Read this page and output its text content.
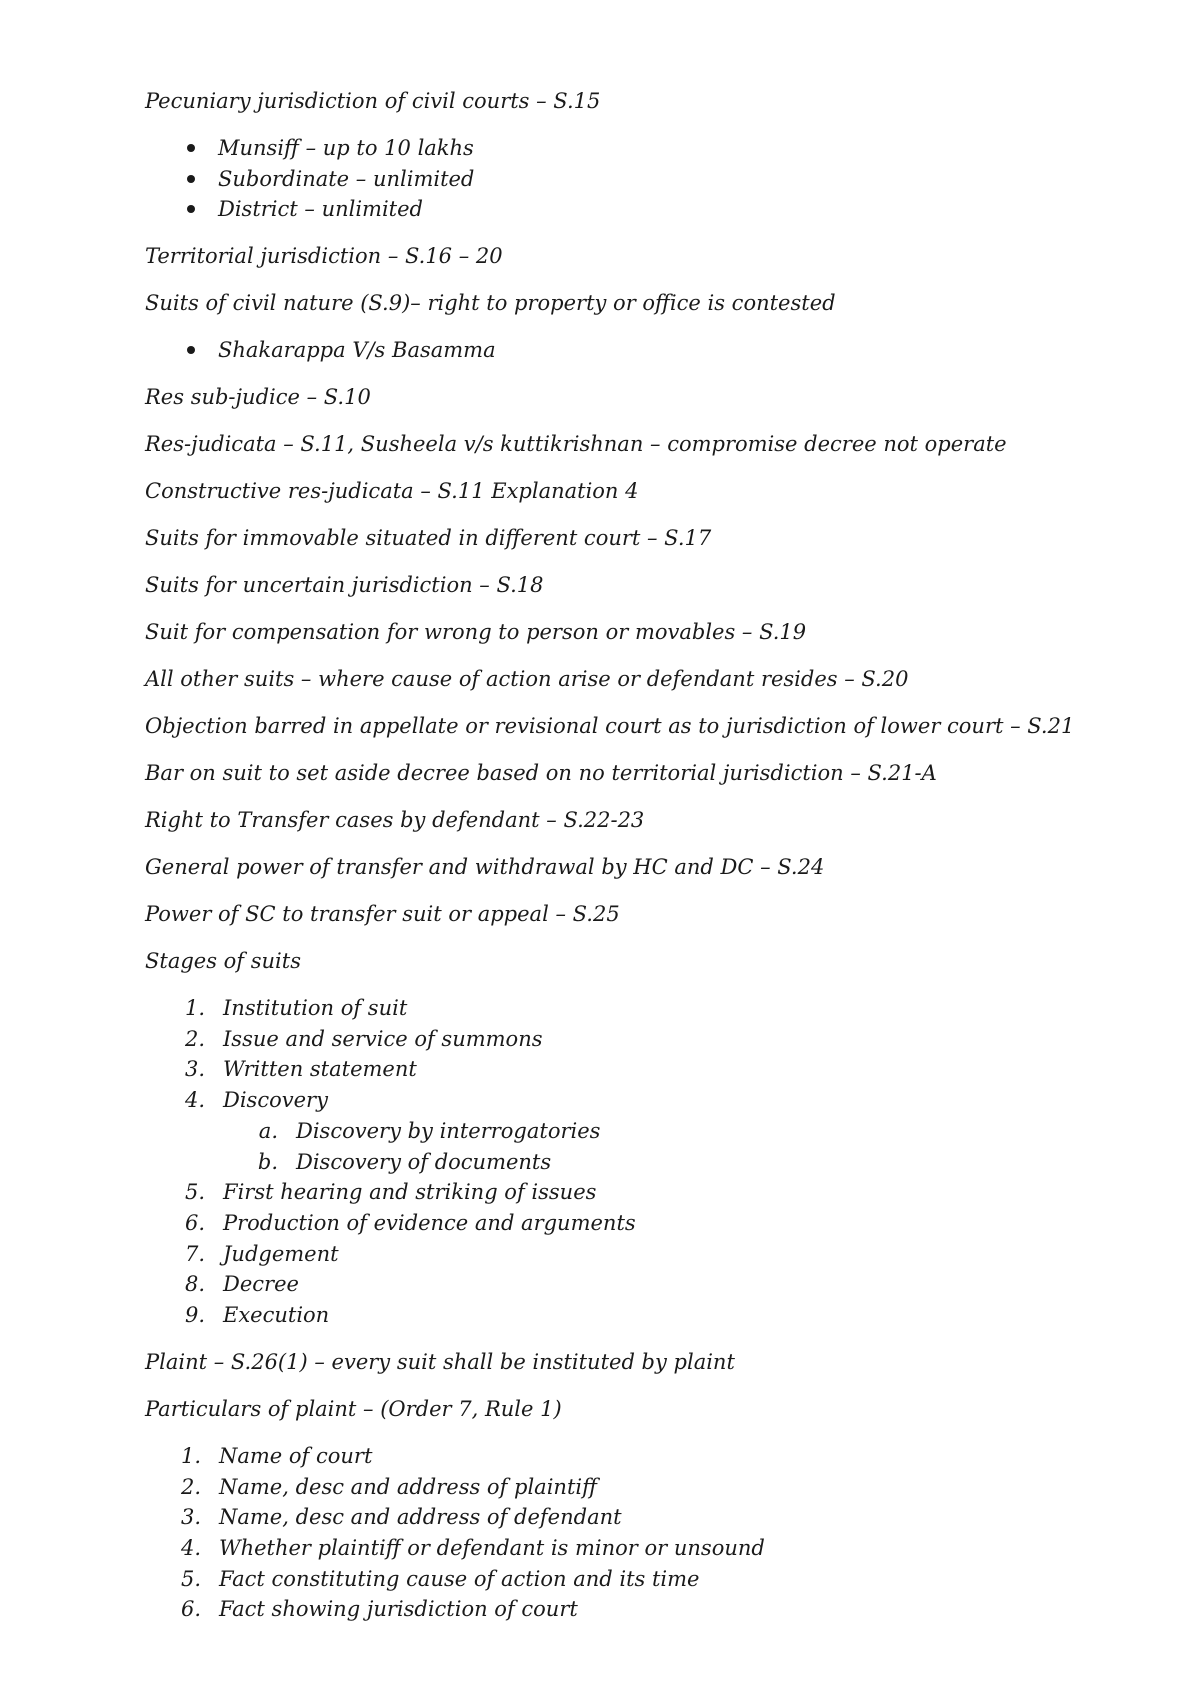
Pecuniary jurisdiction of civil courts – S.15
Munsiff – up to 10 lakhs
Subordinate – unlimited
District – unlimited
Territorial jurisdiction – S.16 – 20
Suits of civil nature (S.9)– right to property or office is contested
Shakarappa V/s Basamma
Res sub-judice – S.10
Res-judicata – S.11, Susheela v/s kuttikrishnan – compromise decree not operate
Constructive res-judicata – S.11 Explanation 4
Suits for immovable situated in different court – S.17
Suits for uncertain jurisdiction – S.18
Suit for compensation for wrong to person or movables – S.19
All other suits – where cause of action arise or defendant resides – S.20
Objection barred in appellate or revisional court as to jurisdiction of lower court – S.21
Bar on suit to set aside decree based on no territorial jurisdiction – S.21-A
Right to Transfer cases by defendant – S.22-23
General power of transfer and withdrawal by HC and DC – S.24
Power of SC to transfer suit or appeal – S.25
Stages of suits
1. Institution of suit
2. Issue and service of summons
3. Written statement
4. Discovery
a. Discovery by interrogatories
b. Discovery of documents
5. First hearing and striking of issues
6. Production of evidence and arguments
7. Judgement
8. Decree
9. Execution
Plaint – S.26(1) – every suit shall be instituted by plaint
Particulars of plaint – (Order 7, Rule 1)
1. Name of court
2. Name, desc and address of plaintiff
3. Name, desc and address of defendant
4. Whether plaintiff or defendant is minor or unsound
5. Fact constituting cause of action and its time
6. Fact showing jurisdiction of court
